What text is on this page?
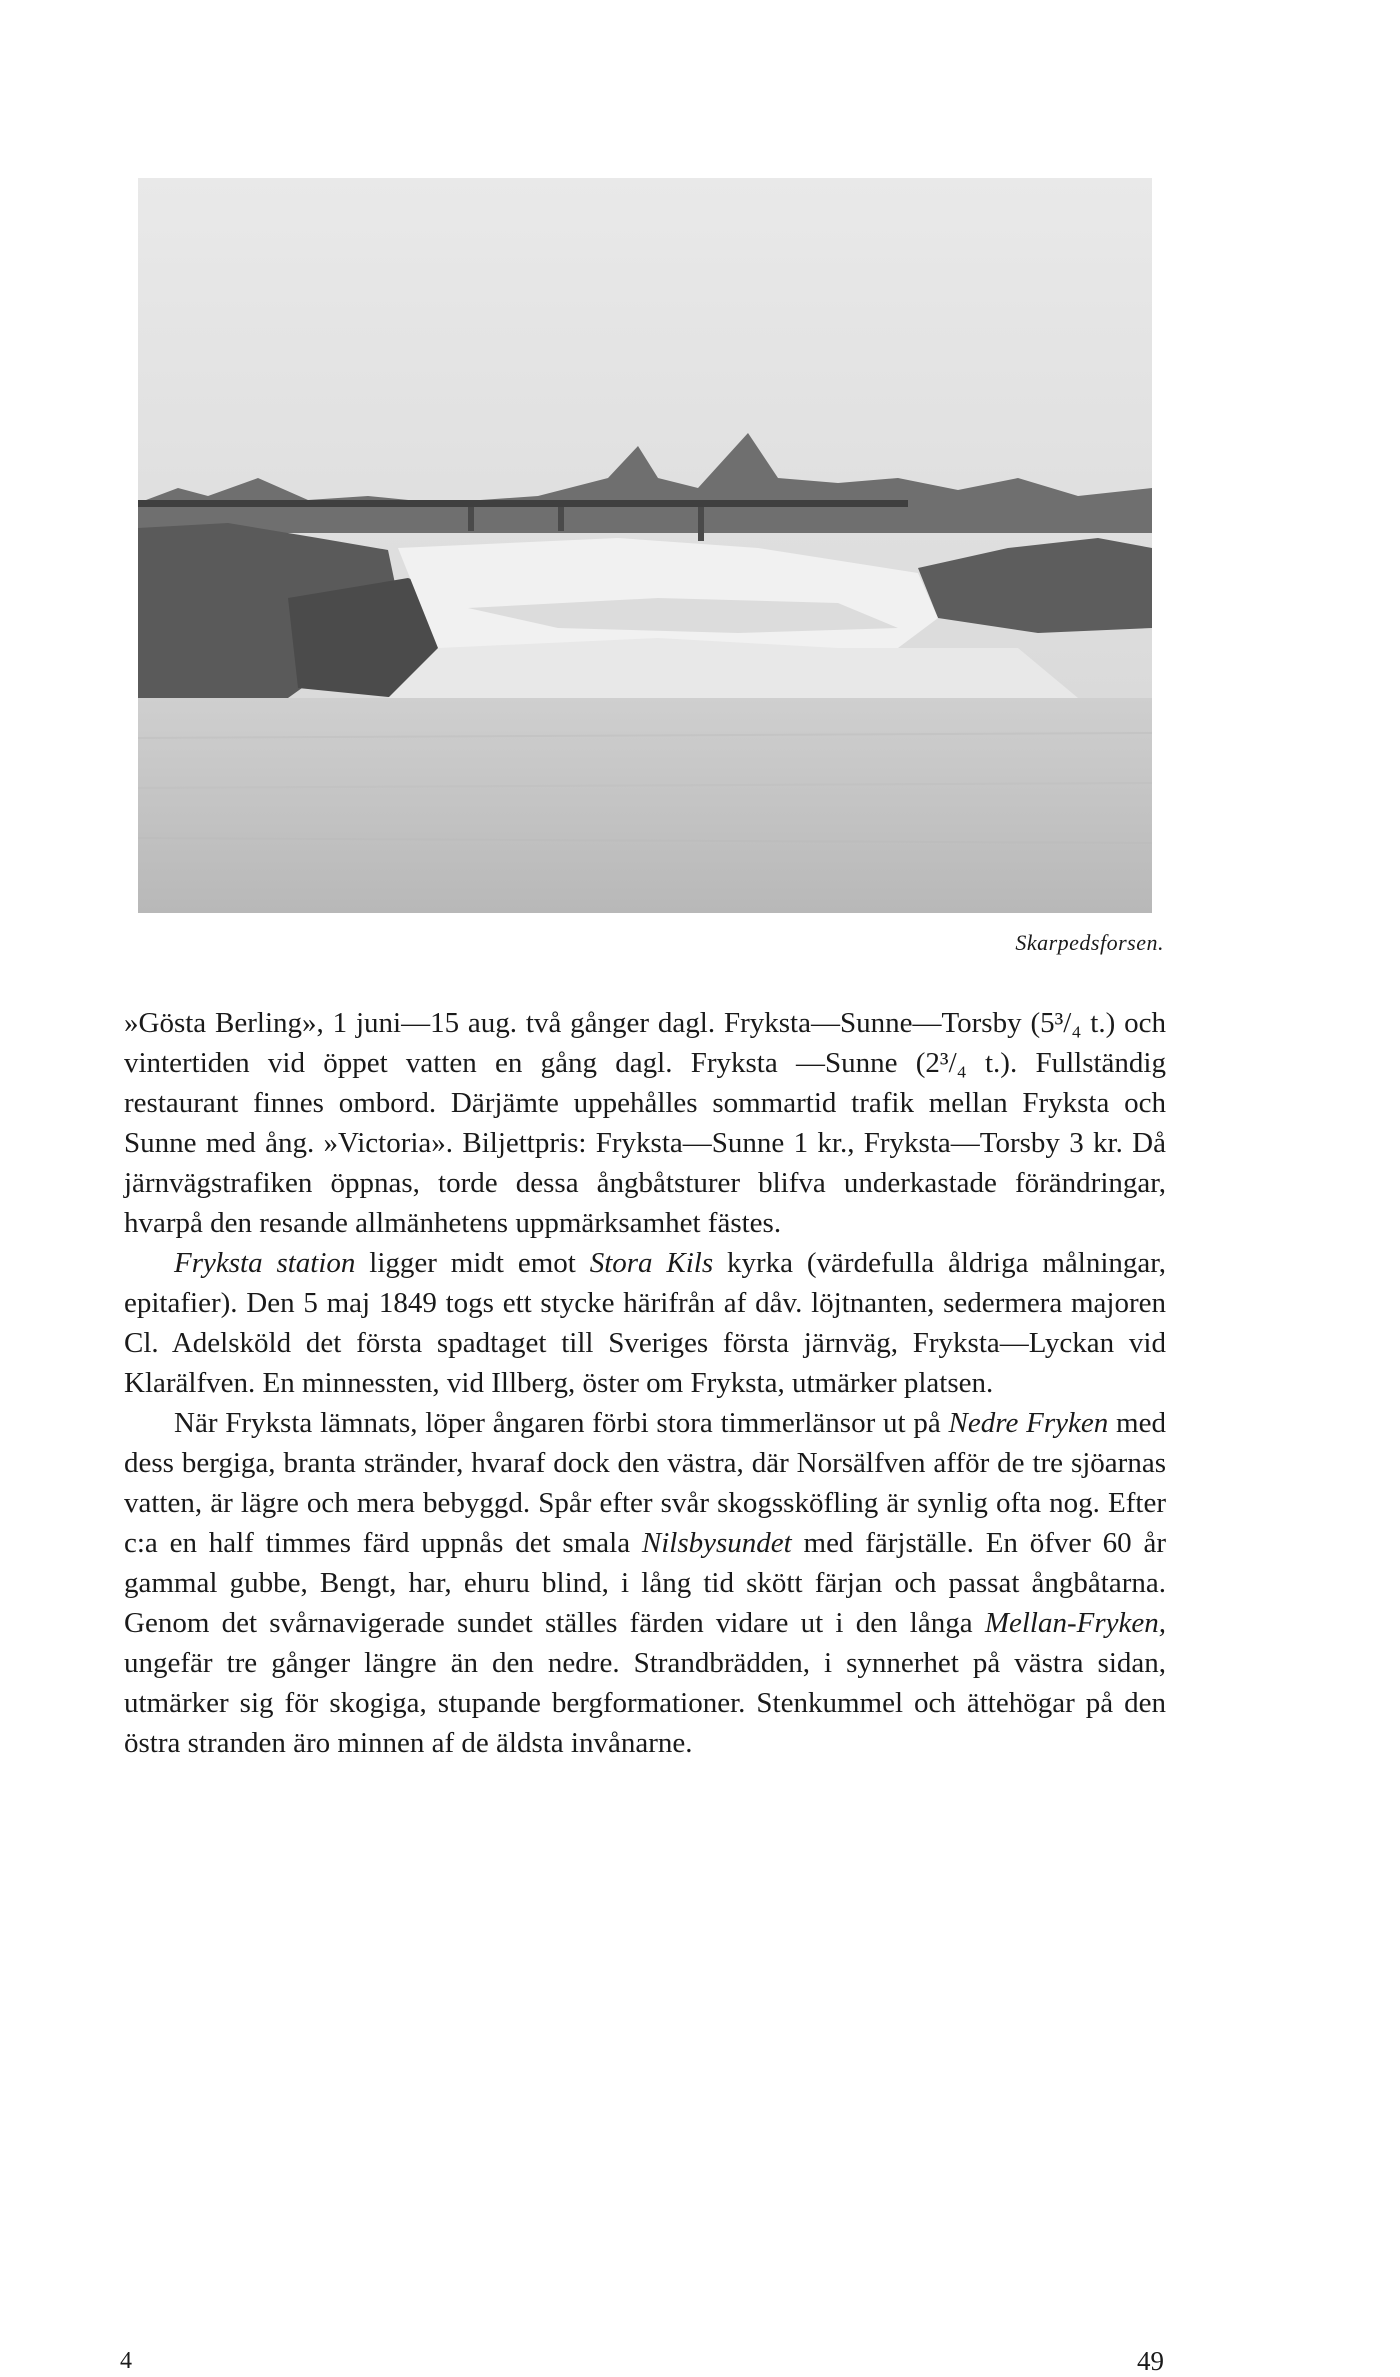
Skarpedsforsen.

»Gösta Berling», 1 juni—15 aug. två gånger dagl. Fryksta—Sunne—Torsby (5³/₄ t.) och vintertiden vid öppet vatten en gång dagl. Fryksta —Sunne (2³/₄ t.). Fullständig restaurant finnes ombord. Därjämte uppehålles sommartid trafik mellan Fryksta och Sunne med ång. »Victoria». Biljettpris: Fryksta—Sunne 1 kr., Fryksta—Torsby 3 kr. Då järnvägstrafiken öppnas, torde dessa ångbåtsturer blifva underkastade förändringar, hvarpå den resande allmänhetens uppmärksamhet fästes.

Fryksta station ligger midt emot Stora Kils kyrka (värdefulla åldriga målningar, epitafier). Den 5 maj 1849 togs ett stycke härifrån af dåv. löjtnanten, sedermera majoren Cl. Adelsköld det första spadtaget till Sveriges första järnväg, Fryksta—Lyckan vid Klarälfven. En minnessten, vid Illberg, öster om Fryksta, utmärker platsen.

När Fryksta lämnats, löper ångaren förbi stora timmerlänsor ut på Nedre Fryken med dess bergiga, branta stränder, hvaraf dock den västra, där Norsälfven afför de tre sjöarnas vatten, är lägre och mera bebyggd. Spår efter svår skogssköfling är synlig ofta nog. Efter c:a en half timmes färd uppnås det smala Nilsbysundet med färjställe. En öfver 60 år gammal gubbe, Bengt, har, ehuru blind, i lång tid skött färjan och passat ångbåtarna. Genom det svårnavigerade sundet ställes färden vidare ut i den långa Mellan-Fryken, ungefär tre gånger längre än den nedre. Strandbrädden, i synnerhet på västra sidan, utmärker sig för skogiga, stupande bergformationer. Stenkummel och ättehögar på den östra stranden äro minnen af de äldsta invånarne.

4	49
